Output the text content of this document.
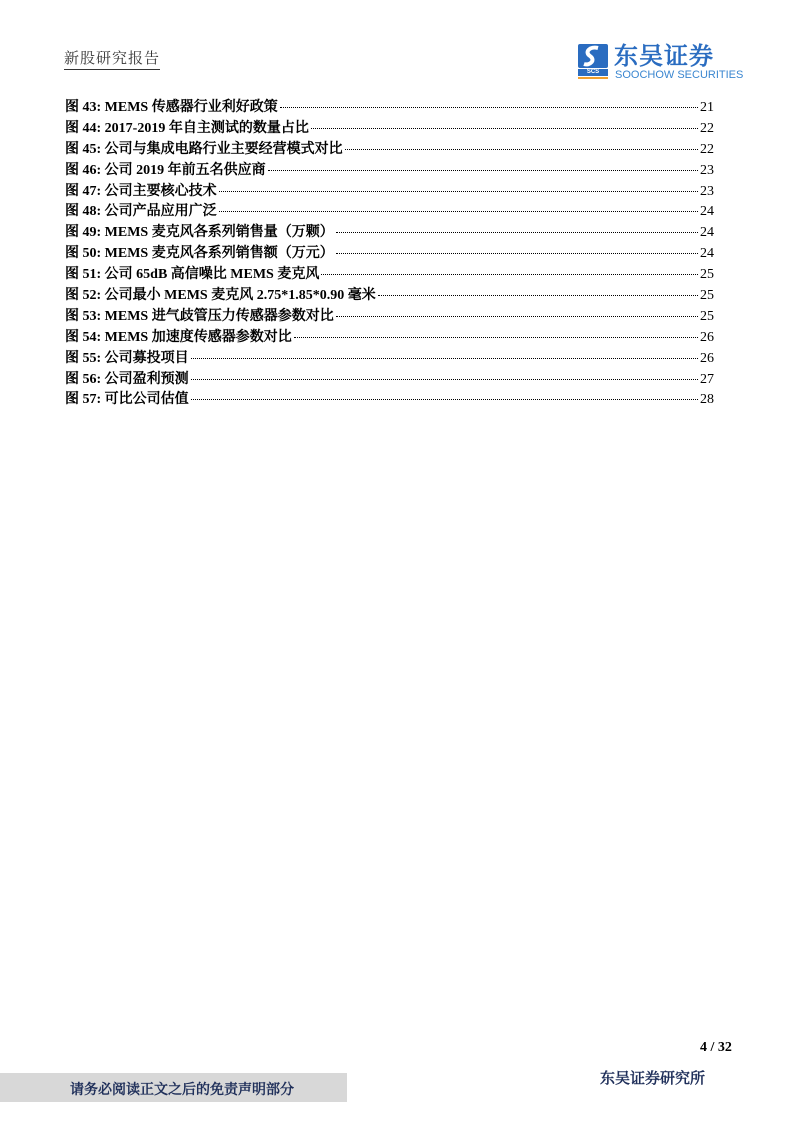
新股研究报告
SCS
东吴证券
SOOCHOW SECURITIES
图 43: MEMS 传感器行业利好政策	21
图 44: 2017-2019 年自主测试的数量占比	22
图 45: 公司与集成电路行业主要经营模式对比	22
图 46: 公司 2019 年前五名供应商	23
图 47: 公司主要核心技术	23
图 48: 公司产品应用广泛	24
图 49: MEMS 麦克风各系列销售量（万颗）	24
图 50: MEMS 麦克风各系列销售额（万元）	24
图 51: 公司 65dB 高信噪比 MEMS 麦克风	25
图 52: 公司最小 MEMS 麦克风 2.75*1.85*0.90 毫米	25
图 53: MEMS 进气歧管压力传感器参数对比	25
图 54: MEMS 加速度传感器参数对比	26
图 55: 公司募投项目	26
图 56: 公司盈利预测	27
图 57: 可比公司估值	28
4 / 32
请务必阅读正文之后的免责声明部分
东吴证券研究所
